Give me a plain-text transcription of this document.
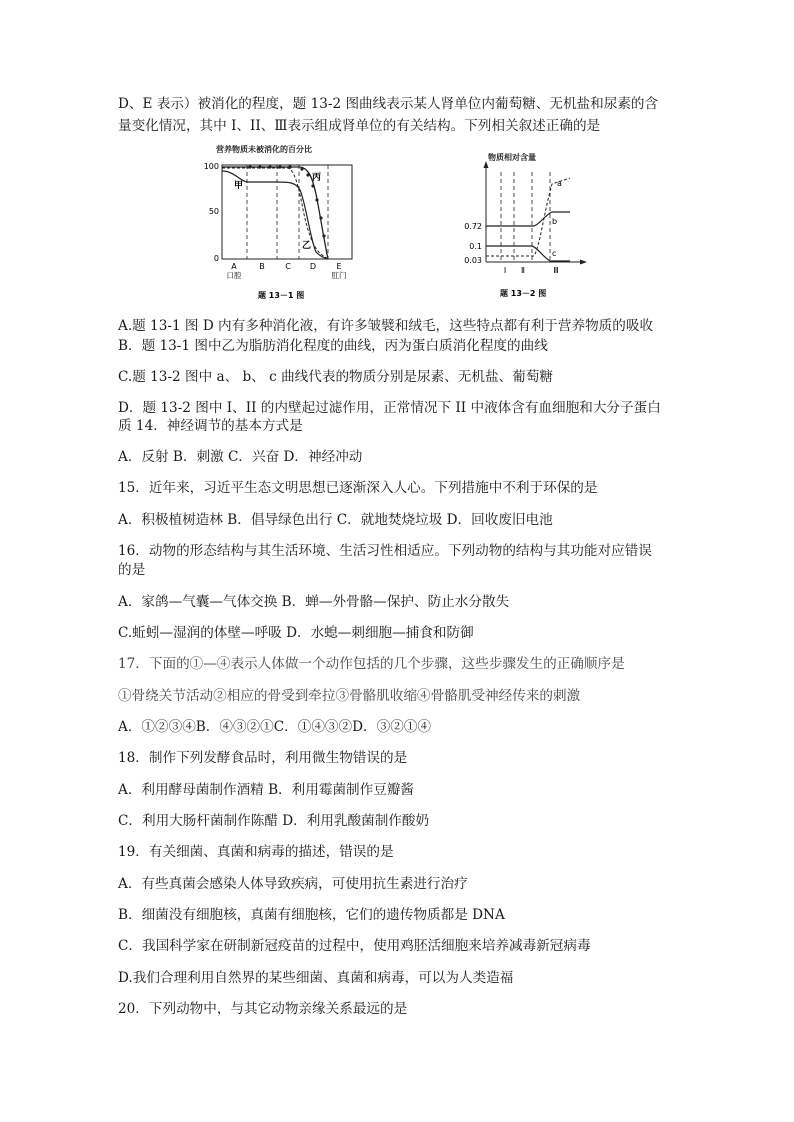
D、E 表示）被消化的程度，题 13-2 图曲线表示某人肾单位内葡萄糖、无机盐和尿素的含
量变化情况，其中 I、II、Ⅲ表示组成肾单位的有关结构。下列相关叙述正确的是
营养物质未被消化的百分比
100
50
0
A	B	C D	E
口腔	肛门
甲
乙
丙
题 13－1 图
物质相对含量
0.72
0.1
0.03
a
b
c
Ⅰ Ⅱ	Ⅲ
题 13－2 图
A.题 13-1 图 D 内有多种消化液，有许多皱襞和绒毛，这些特点都有利于营养物质的吸收
B．题 13-1 图中乙为脂肪消化程度的曲线，丙为蛋白质消化程度的曲线
C.题 13-2 图中 a、 b、 c 曲线代表的物质分别是尿素、无机盐、葡萄糖
D．题 13-2 图中 I、II 的内壁起过滤作用，正常情况下 II 中液体含有血细胞和大分子蛋白
质 14．神经调节的基本方式是
A．反射 B．刺激 C．兴奋 D．神经冲动
15．近年来，习近平生态文明思想已逐渐深入人心。下列措施中不利于环保的是
A．积极植树造林 B．倡导绿色出行 C．就地焚烧垃圾 D．回收废旧电池
16．动物的形态结构与其生活环境、生活习性相适应。下列动物的结构与其功能对应错误
的是
A．家鸽—气囊—气体交换 B．蝉—外骨骼—保护、防止水分散失
C.蚯蚓—湿润的体壁—呼吸 D．水螅—刺细胞—捕食和防御
17．下面的①—④表示人体做一个动作包括的几个步骤，这些步骤发生的正确顺序是
①骨绕关节活动②相应的骨受到牵拉③骨骼肌收缩④骨骼肌受神经传来的刺激
A．①②③④B．④③②①C．①④③②D．③②①④
18．制作下列发酵食品时，利用微生物错误的是
A．利用酵母菌制作酒精 B．利用霉菌制作豆瓣酱
C．利用大肠杆菌制作陈醋 D．利用乳酸菌制作酸奶
19．有关细菌、真菌和病毒的描述，错误的是
A．有些真菌会感染人体导致疾病，可使用抗生素进行治疗
B．细菌没有细胞核，真菌有细胞核，它们的遗传物质都是 DNA
C．我国科学家在研制新冠疫苗的过程中，使用鸡胚活细胞来培养减毒新冠病毒
D.我们合理利用自然界的某些细菌、真菌和病毒，可以为人类造福
20．下列动物中，与其它动物亲缘关系最远的是
